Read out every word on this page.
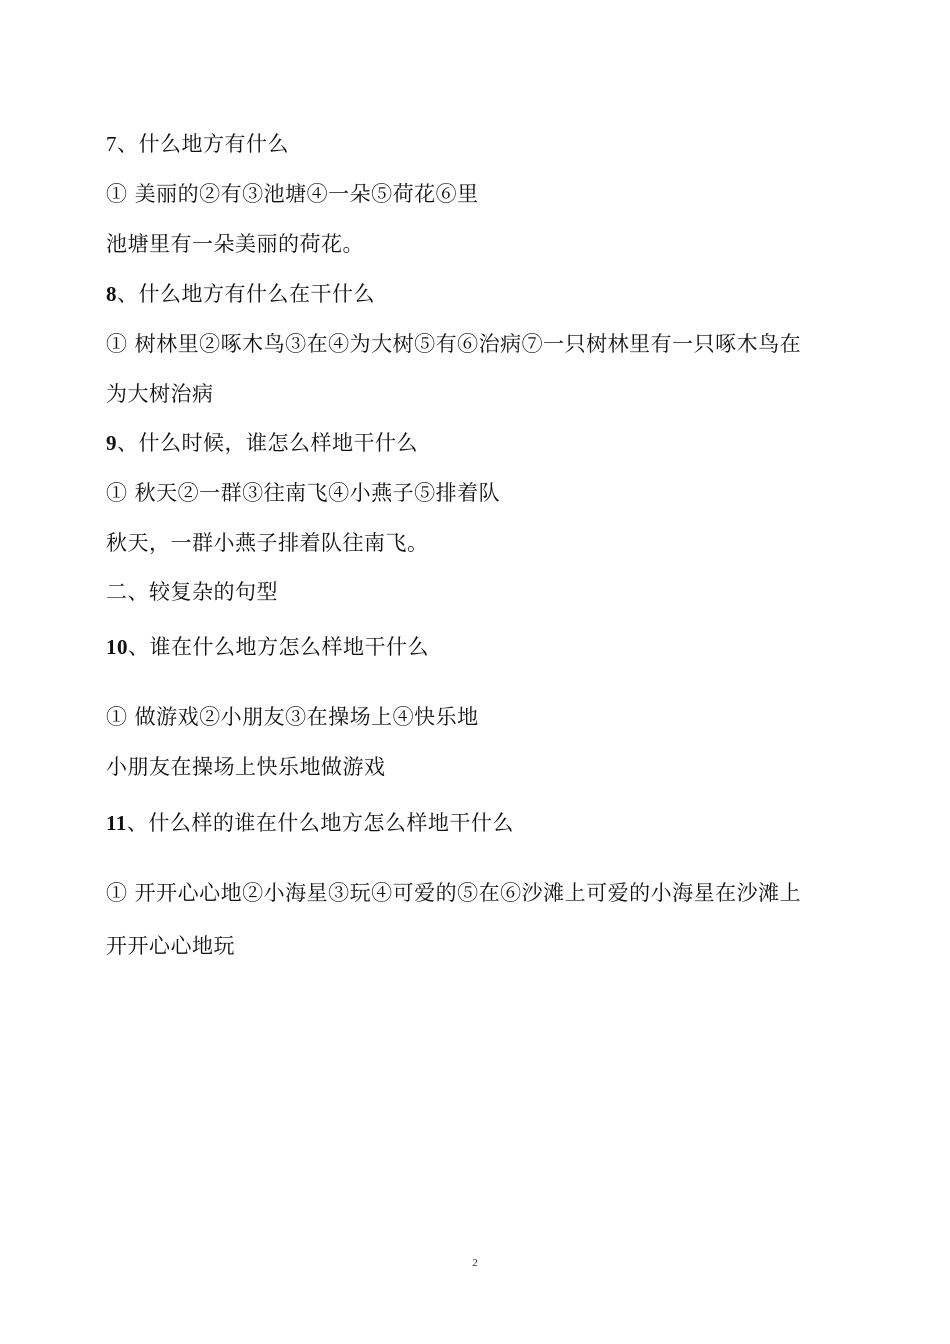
7、什么地方有什么
① 美丽的②有③池塘④一朵⑤荷花⑥里
池塘里有一朵美丽的荷花。
8、什么地方有什么在干什么
① 树林里②啄木鸟③在④为大树⑤有⑥治病⑦一只树林里有一只啄木鸟在
为大树治病
9、什么时候，谁怎么样地干什么
① 秋天②一群③往南飞④小燕子⑤排着队
秋天，一群小燕子排着队往南飞。
二、较复杂的句型
10、谁在什么地方怎么样地干什么
① 做游戏②小朋友③在操场上④快乐地
小朋友在操场上快乐地做游戏
11、什么样的谁在什么地方怎么样地干什么
① 开开心心地②小海星③玩④可爱的⑤在⑥沙滩上可爱的小海星在沙滩上
开开心心地玩
2
